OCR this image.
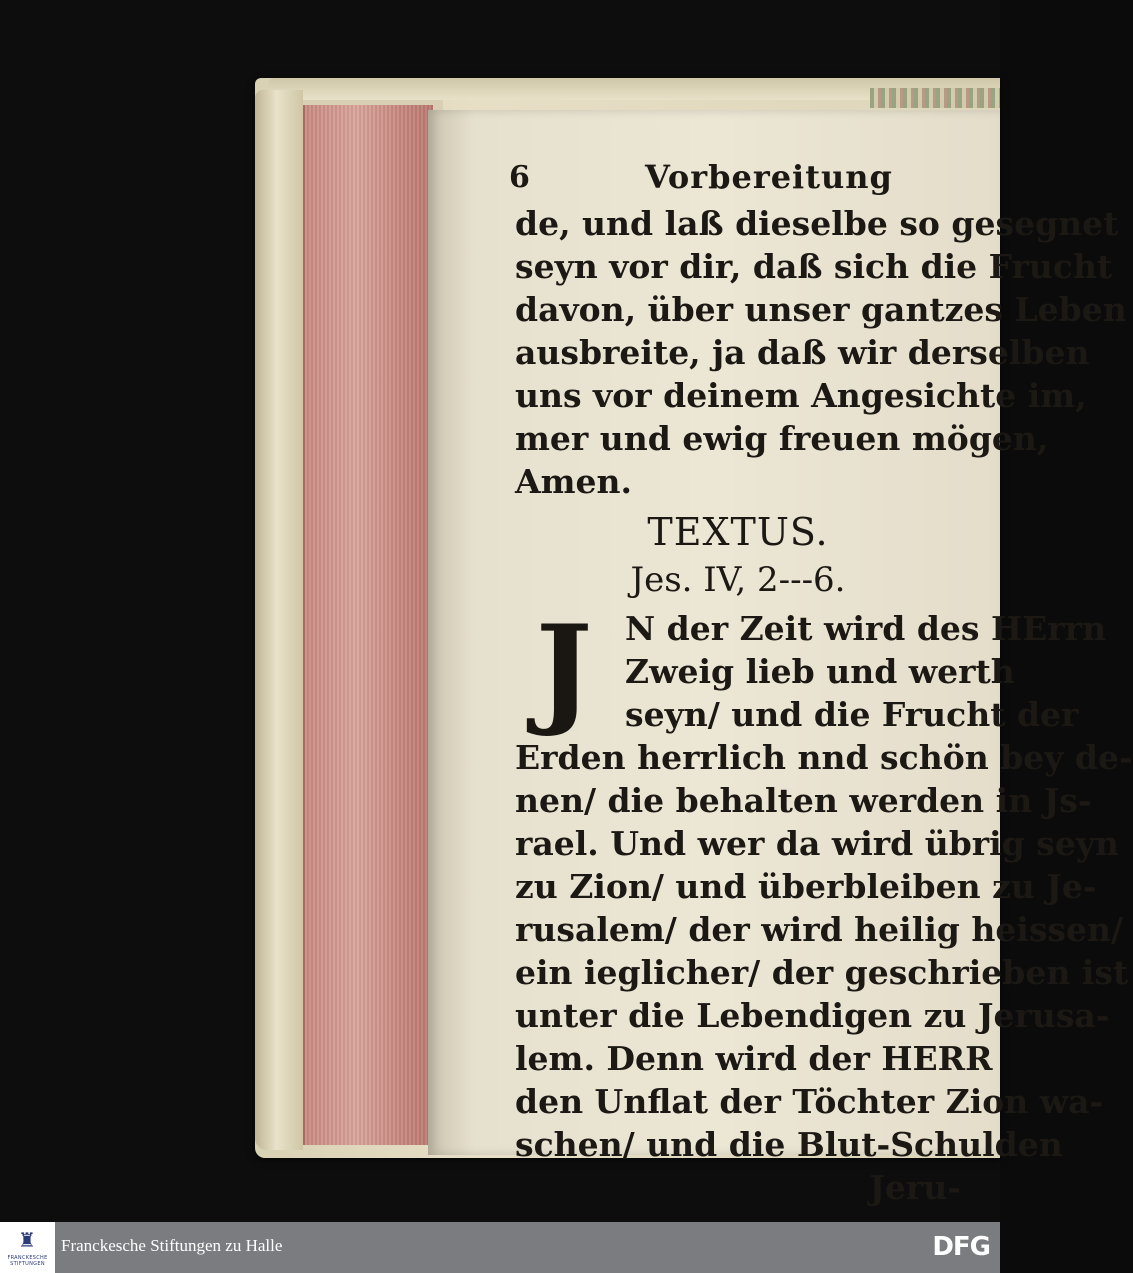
6	Vorbereitung
de, und laß dieselbe so gesegnet
seyn vor dir, daß sich die Frucht
davon, über unser gantzes Leben
ausbreite, ja daß wir derselben
uns vor deinem Angesichte im,
mer und ewig freuen mögen,
Amen.
TEXTUS.
Jes. IV, 2---6.
J N der Zeit wird des HErrn
Zweig lieb und werth
seyn/ und die Frucht der
Erden herrlich nnd schön bey de-
nen/ die behalten werden in Js-
rael. Und wer da wird übrig seyn
zu Zion/ und überbleiben zu Je-
rusalem/ der wird heilig heissen/
ein ieglicher/ der geschrieben ist
unter die Lebendigen zu Jerusa-
lem. Denn wird der HERR
den Unflat der Töchter Zion wa-
schen/ und die Blut-Schulden
Jeru-
♜
FRANCKESCHE
STIFTUNGEN
Franckesche Stiftungen zu Halle	DFG
